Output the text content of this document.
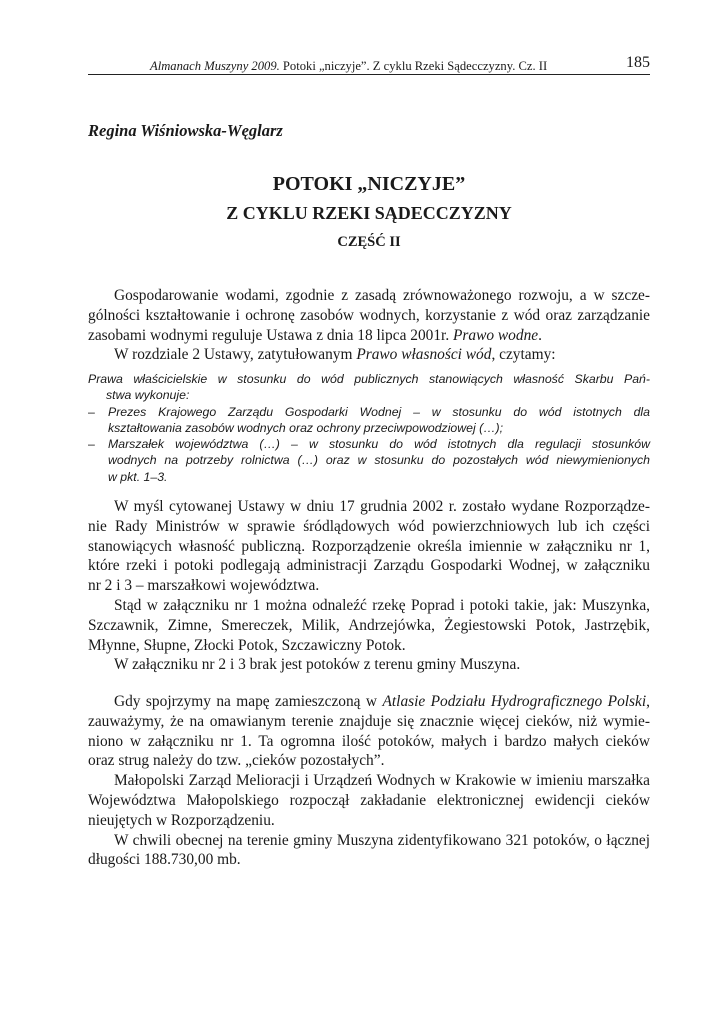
Almanach Muszyny 2009. Potoki „niczyje”. Z cyklu Rzeki Sądecczyzny. Cz. II	185
Regina Wiśniowska-Węglarz
POTOKI „NICZYJE”
Z CYKLU RZEKI SĄDECCZYZNY
CZĘŚĆ II
Gospodarowanie wodami, zgodnie z zasadą zrównoważonego rozwoju, a w szcze-
gólności kształtowanie i ochronę zasobów wodnych, korzystanie z wód oraz zarządzanie
zasobami wodnymi reguluje Ustawa z dnia 18 lipca 2001r. Prawo wodne.
W rozdziale 2 Ustawy, zatytułowanym Prawo własności wód, czytamy:
Prawa właścicielskie w stosunku do wód publicznych stanowiących własność Skarbu Pań-
stwa wykonuje:
– Prezes Krajowego Zarządu Gospodarki Wodnej – w stosunku do wód istotnych dla
kształtowania zasobów wodnych oraz ochrony przeciwpowodziowej (…);
– Marszałek województwa (…) – w stosunku do wód istotnych dla regulacji stosunków
wodnych na potrzeby rolnictwa (…) oraz w stosunku do pozostałych wód niewymienionych
w pkt. 1–3.
W myśl cytowanej Ustawy w dniu 17 grudnia 2002 r. zostało wydane Rozporządze-
nie Rady Ministrów w sprawie śródlądowych wód powierzchniowych lub ich części
stanowiących własność publiczną. Rozporządzenie określa imiennie w załączniku nr 1,
które rzeki i potoki podlegają administracji Zarządu Gospodarki Wodnej, w załączniku
nr 2 i 3 – marszałkowi województwa.
Stąd w załączniku nr 1 można odnaleźć rzekę Poprad i potoki takie, jak: Muszynka,
Szczawnik, Zimne, Smereczek, Milik, Andrzejówka, Żegiestowski Potok, Jastrzębik,
Młynne, Słupne, Złocki Potok, Szczawiczny Potok.
W załączniku nr 2 i 3 brak jest potoków z terenu gminy Muszyna.
Gdy spojrzymy na mapę zamieszczoną w Atlasie Podziału Hydrograficznego Polski,
zauważymy, że na omawianym terenie znajduje się znacznie więcej cieków, niż wymie-
niono w załączniku nr 1. Ta ogromna ilość potoków, małych i bardzo małych cieków
oraz strug należy do tzw. „cieków pozostałych”.
Małopolski Zarząd Melioracji i Urządzeń Wodnych w Krakowie w imieniu marszałka
Województwa Małopolskiego rozpoczął zakładanie elektronicznej ewidencji cieków
nieujętych w Rozporządzeniu.
W chwili obecnej na terenie gminy Muszyna zidentyfikowano 321 potoków, o łącznej
długości 188.730,00 mb.
